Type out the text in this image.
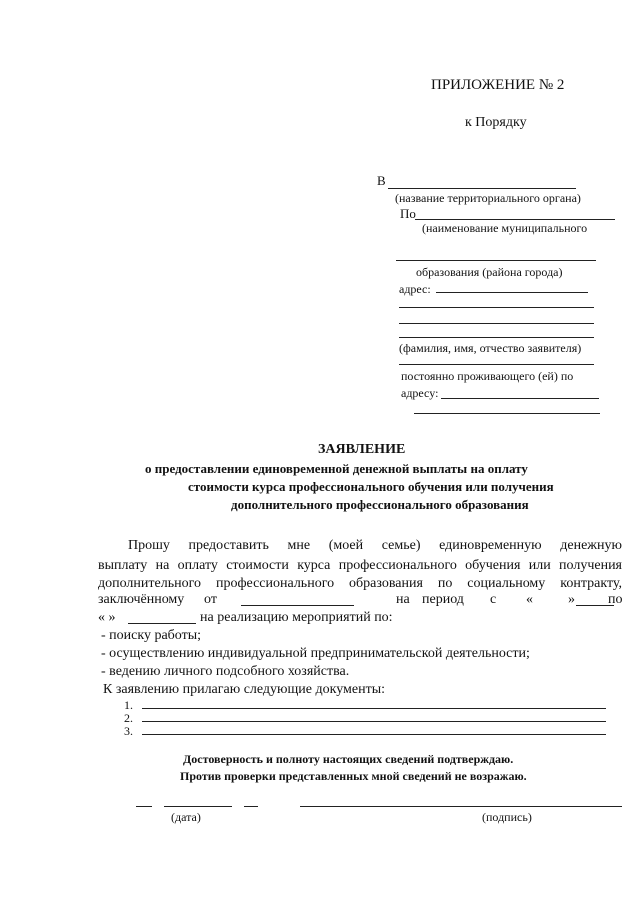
ПРИЛОЖЕНИЕ № 2
к Порядку
В
(название территориального органа)
По
(наименование муниципального
образования (района города)
адрес:
(фамилия, имя, отчество заявителя)
постоянно проживающего (ей) по
адресу:
ЗАЯВЛЕНИЕ
о предоставлении единовременной денежной выплаты на оплату
стоимости курса профессионального обучения или получения
дополнительного профессионального образования
Прошу предоставить мне (моей семье) единовременную денежную
выплату на оплату стоимости курса профессионального обучения или получения
дополнительного профессионального образования по социальному контракту,
заключённому от	на период с «	» по
« »	на реализацию мероприятий по:
- поиску работы;
- осуществлению индивидуальной предпринимательской деятельности;
- ведению личного подсобного хозяйства.
К заявлению прилагаю следующие документы:
1.
2.
3.
Достоверность и полноту настоящих сведений подтверждаю.
Против проверки представленных мной сведений не возражаю.
(дата)	(подпись)
